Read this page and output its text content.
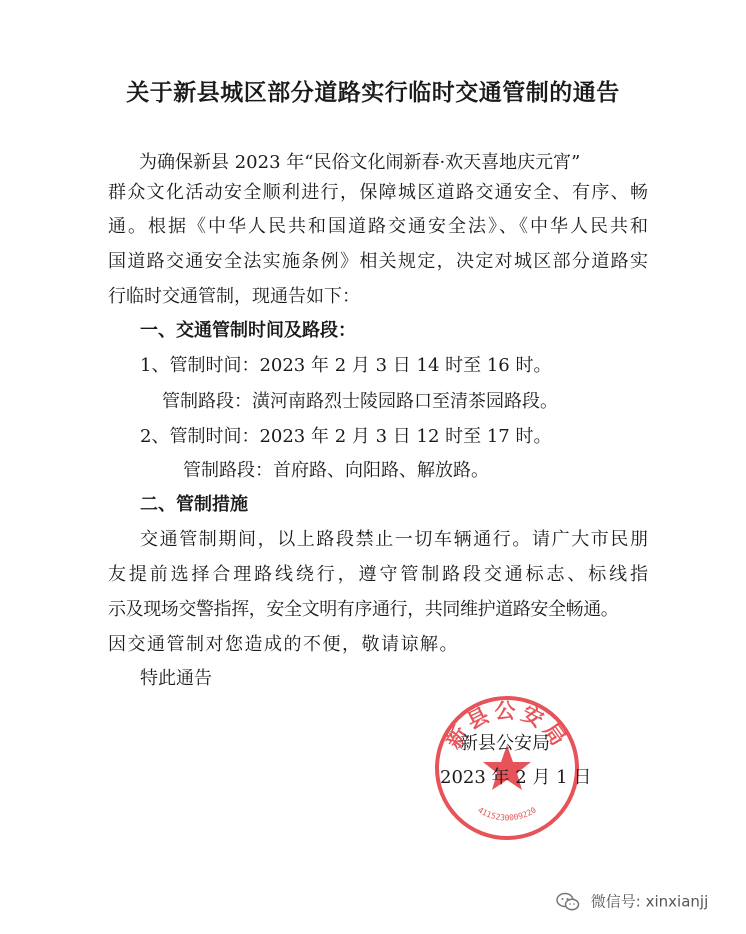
关于新县城区部分道路实行临时交通管制的通告
为确保新县 2023 年“民俗文化闹新春·欢天喜地庆元宵”
群众文化活动安全顺利进行，保障城区道路交通安全、有序、畅
通。根据《中华人民共和国道路交通安全法》、《中华人民共和
国道路交通安全法实施条例》相关规定，决定对城区部分道路实
行临时交通管制，现通告如下：
一、交通管制时间及路段：
1、管制时间：2023 年 2 月 3 日 14 时至 16 时。
管制路段：潢河南路烈士陵园路口至清茶园路段。
2、管制时间：2023 年 2 月 3 日 12 时至 17 时。
管制路段：首府路、向阳路、解放路。
二、管制措施
交通管制期间，以上路段禁止一切车辆通行。请广大市民朋
友提前选择合理路线绕行，遵守管制路段交通标志、标线指
示及现场交警指挥，安全文明有序通行，共同维护道路安全畅通。
因交通管制对您造成的不便，敬请谅解。
特此通告
新县公安局
4115230009220
新县公安局
2023 年 2 月 1 日
微信号: xinxianjj
